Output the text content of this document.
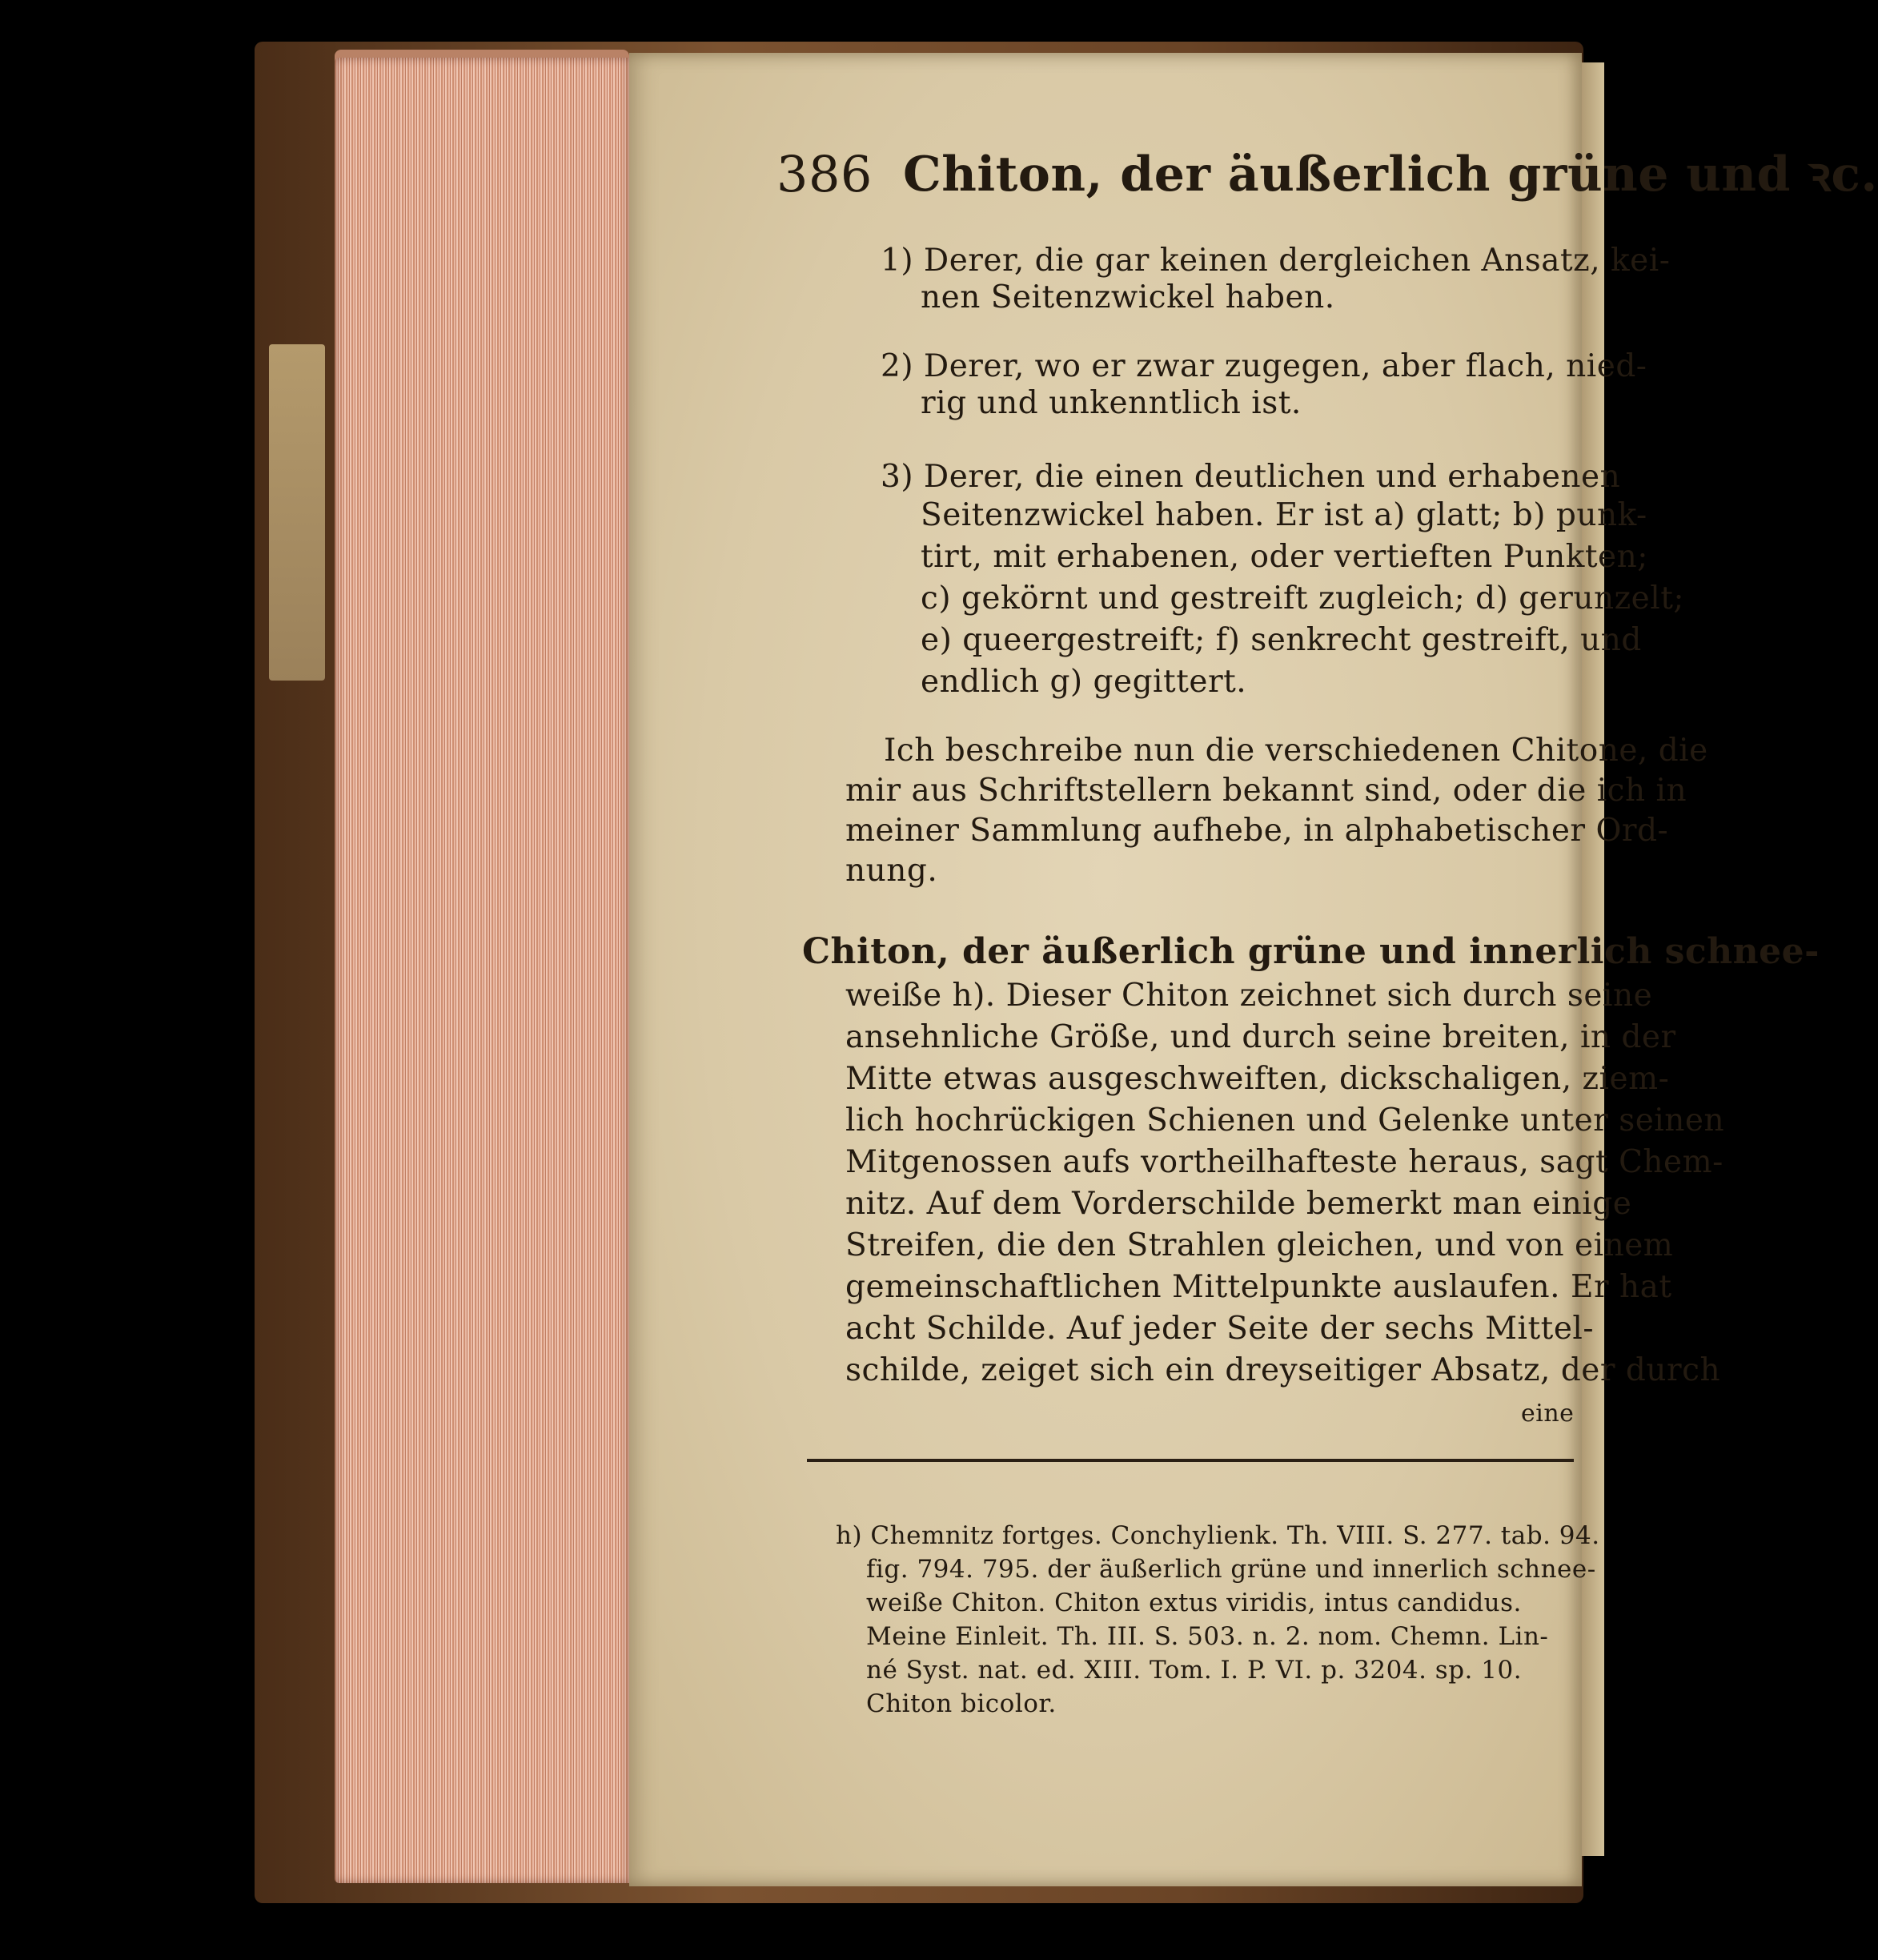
386 Chiton, der äußerlich grüne und ꝛc.
1) Derer, die gar keinen dergleichen Ansatz, kei-
nen Seitenzwickel haben.
2) Derer, wo er zwar zugegen, aber flach, nied-
rig und unkenntlich ist.
3) Derer, die einen deutlichen und erhabenen
Seitenzwickel haben. Er ist a) glatt; b) punk-
tirt, mit erhabenen, oder vertieften Punkten;
c) gekörnt und gestreift zugleich; d) gerunzelt;
e) queergestreift; f) senkrecht gestreift, und
endlich g) gegittert.
Ich beschreibe nun die verschiedenen Chitone, die
mir aus Schriftstellern bekannt sind, oder die ich in
meiner Sammlung aufhebe, in alphabetischer Ord-
nung.
Chiton, der äußerlich grüne und innerlich schnee-
weiße h). Dieser Chiton zeichnet sich durch seine
ansehnliche Größe, und durch seine breiten, in der
Mitte etwas ausgeschweiften, dickschaligen, ziem-
lich hochrückigen Schienen und Gelenke unter seinen
Mitgenossen aufs vortheilhafteste heraus, sagt Chem-
nitz. Auf dem Vorderschilde bemerkt man einige
Streifen, die den Strahlen gleichen, und von einem
gemeinschaftlichen Mittelpunkte auslaufen. Er hat
acht Schilde. Auf jeder Seite der sechs Mittel-
schilde, zeiget sich ein dreyseitiger Absatz, der durch
eine
h) Chemnitz fortges. Conchylienk. Th. VIII. S. 277. tab. 94.
fig. 794. 795. der äußerlich grüne und innerlich schnee-
weiße Chiton. Chiton extus viridis, intus candidus.
Meine Einleit. Th. III. S. 503. n. 2. nom. Chemn. Lin-
né Syst. nat. ed. XIII. Tom. I. P. VI. p. 3204. sp. 10.
Chiton bicolor.
